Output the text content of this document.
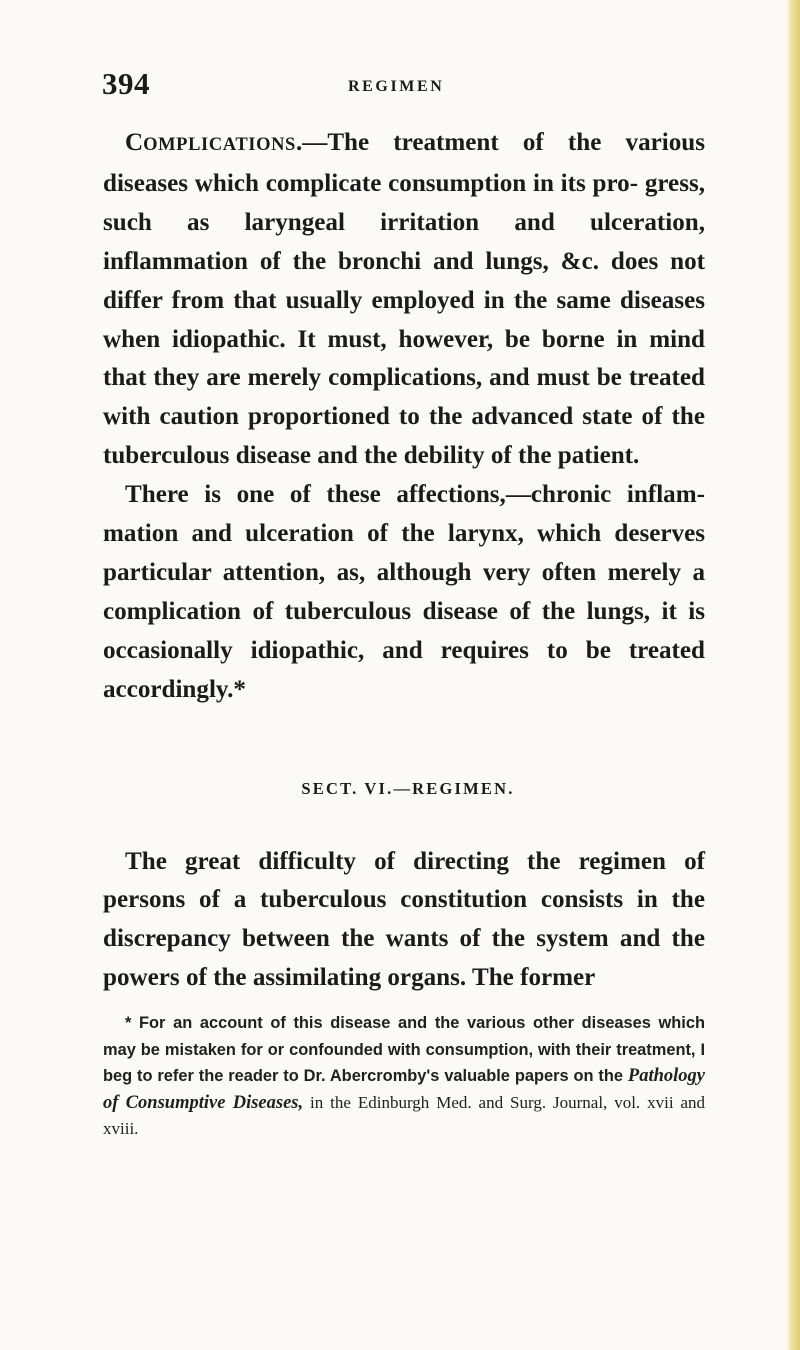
394	REGIMEN

COMPLICATIONS.—The treatment of the various diseases which complicate consumption in its pro- gress, such as laryngeal irritation and ulceration, inflammation of the bronchi and lungs, &c. does not differ from that usually employed in the same diseases when idiopathic. It must, however, be borne in mind that they are merely complications, and must be treated with caution proportioned to the advanced state of the tuberculous disease and the debility of the patient.

There is one of these affections,—chronic inflam- mation and ulceration of the larynx, which deserves particular attention, as, although very often merely a complication of tuberculous disease of the lungs, it is occasionally idiopathic, and requires to be treated accordingly.*

SECT. VI.—REGIMEN.

The great difficulty of directing the regimen of persons of a tuberculous constitution consists in the discrepancy between the wants of the system and the powers of the assimilating organs. The former

* For an account of this disease and the various other diseases which may be mistaken for or confounded with consumption, with their treatment, I beg to refer the reader to Dr. Abercromby's valuable papers on the Pathology of Consumptive Diseases, in the Edinburgh Med. and Surg. Journal, vol. xvii and xviii.
